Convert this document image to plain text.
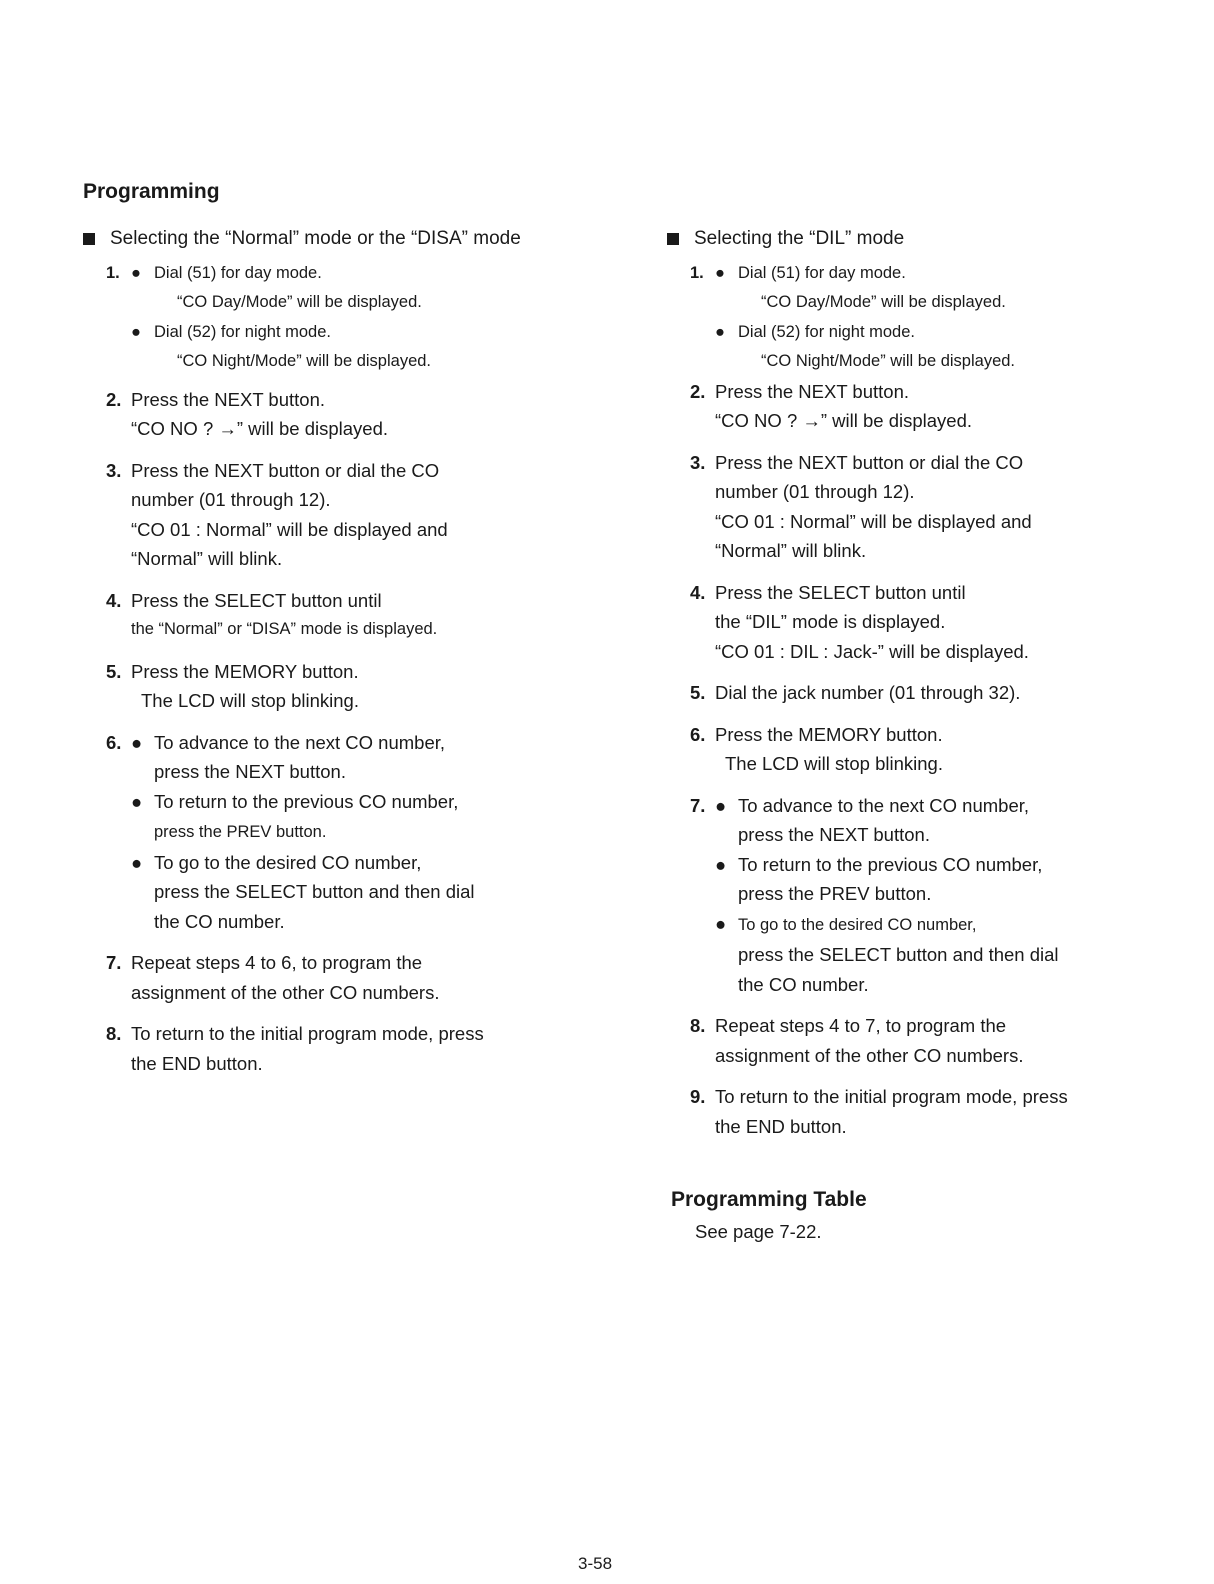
Programming
Selecting the “Normal” mode or the “DISA” mode
1. ● Dial (51) for day mode.
“CO Day/Mode” will be displayed.
● Dial (52) for night mode.
“CO Night/Mode” will be displayed.
2. Press the NEXT button.
“CO NO ? →” will be displayed.
3. Press the NEXT button or dial the CO
number (01 through 12).
“CO 01 : Normal” will be displayed and
“Normal” will blink.
4. Press the SELECT button until
the “Normal” or “DISA” mode is displayed.
5. Press the MEMORY button.
The LCD will stop blinking.
6. ● To advance to the next CO number,
press the NEXT button.
● To return to the previous CO number,
press the PREV button.
● To go to the desired CO number,
press the SELECT button and then dial
the CO number.
7. Repeat steps 4 to 6, to program the
assignment of the other CO numbers.
8. To return to the initial program mode, press
the END button.
Selecting the “DIL” mode
1. ● Dial (51) for day mode.
“CO Day/Mode” will be displayed.
● Dial (52) for night mode.
“CO Night/Mode” will be displayed.
2. Press the NEXT button.
“CO NO ? →” will be displayed.
3. Press the NEXT button or dial the CO
number (01 through 12).
“CO 01 : Normal” will be displayed and
“Normal” will blink.
4. Press the SELECT button until
the “DIL” mode is displayed.
“CO 01 : DIL : Jack-” will be displayed.
5. Dial the jack number (01 through 32).
6. Press the MEMORY button.
The LCD will stop blinking.
7. ● To advance to the next CO number,
press the NEXT button.
● To return to the previous CO number,
press the PREV button.
● To go to the desired CO number,
press the SELECT button and then dial
the CO number.
8. Repeat steps 4 to 7, to program the
assignment of the other CO numbers.
9. To return to the initial program mode, press
the END button.
Programming Table
See page 7-22.
3-58
